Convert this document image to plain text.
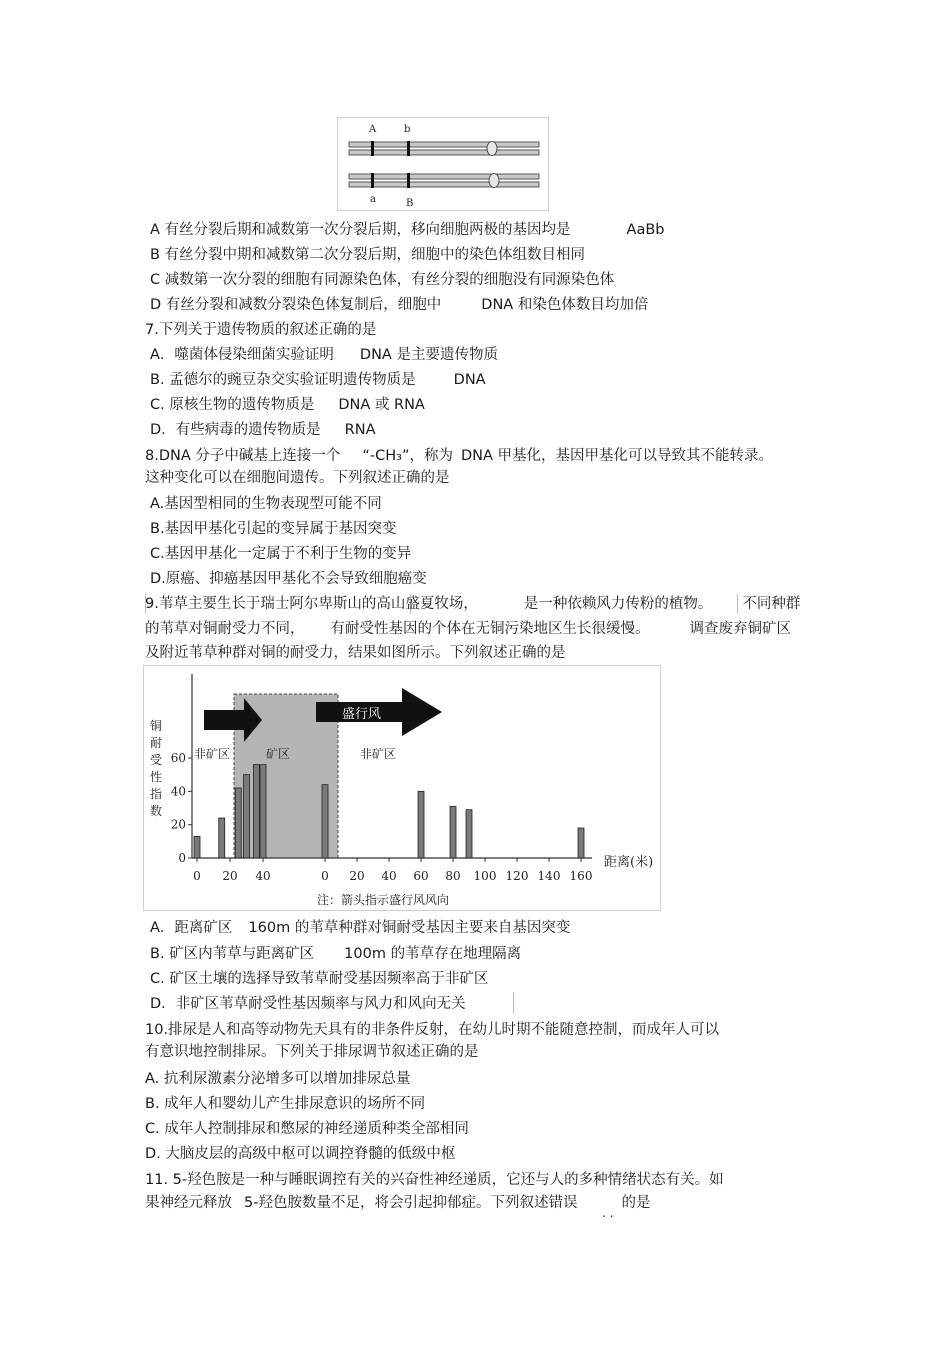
A	b
a	B
A 有丝分裂后期和减数第一次分裂后期，移向细胞两极的基因均是	AaBb
B 有丝分裂中期和减数第二次分裂后期，细胞中的染色体组数目相同
C 减数第一次分裂的细胞有同源染色体，有丝分裂的细胞没有同源染色体
D 有丝分裂和减数分裂染色体复制后，细胞中	DNA 和染色体数目均加倍
7.下列关于遗传物质的叙述正确的是
A．噬菌体侵染细菌实验证明 DNA 是主要遗传物质
B. 孟德尔的豌豆杂交实验证明遗传物质是	DNA
C. 原核生物的遗传物质是 DNA 或 RNA
D．有些病毒的遗传物质是 RNA
8.DNA 分子中碱基上连接一个 “-CH₃”，称为 DNA 甲基化，基因甲基化可以导致其不能转录。
这种变化可以在细胞间遗传。下列叙述正确的是
A.基因型相同的生物表现型可能不同
B.基因甲基化引起的变异属于基因突变
C.基因甲基化一定属于不利于生物的变异
D.原癌、抑癌基因甲基化不会导致细胞癌变
9.苇草主要生长于瑞士阿尔卑斯山的高山盛夏牧场，	是一种依赖风力传粉的植物。 不同种群
的苇草对铜耐受力不同， 有耐受性基因的个体在无铜污染地区生长很缓慢。	调查废弃铜矿区
及附近苇草种群对铜的耐受力，结果如图所示。下列叙述正确的是
盛行风
非矿区	矿区	非矿区
铜
耐
受
性
指
数
0
20
40
60
0 20 40	0 20 40 60 80 100 120 140 160
距离(米)
注：箭头指示盛行风风向
A．距离矿区 160m 的苇草种群对铜耐受基因主要来自基因突变
B. 矿区内苇草与距离矿区 100m 的苇草存在地理隔离
C. 矿区土壤的选择导致苇草耐受基因频率高于非矿区
D．非矿区苇草耐受性基因频率与风力和风向无关
10.排尿是人和高等动物先天具有的非条件反射，在幼儿时期不能随意控制，而成年人可以
有意识地控制排尿。下列关于排尿调节叙述正确的是
A. 抗利尿激素分泌增多可以增加排尿总量
B. 成年人和婴幼儿产生排尿意识的场所不同
C. 成年人控制排尿和憋尿的神经递质种类全部相同
D. 大脑皮层的高级中枢可以调控脊髓的低级中枢
11. 5-羟色胺是一种与睡眠调控有关的兴奋性神经递质，它还与人的多种情绪状态有关。如
果神经元释放 5-羟色胺数量不足，将会引起抑郁症。下列叙述错误	的是
. .
